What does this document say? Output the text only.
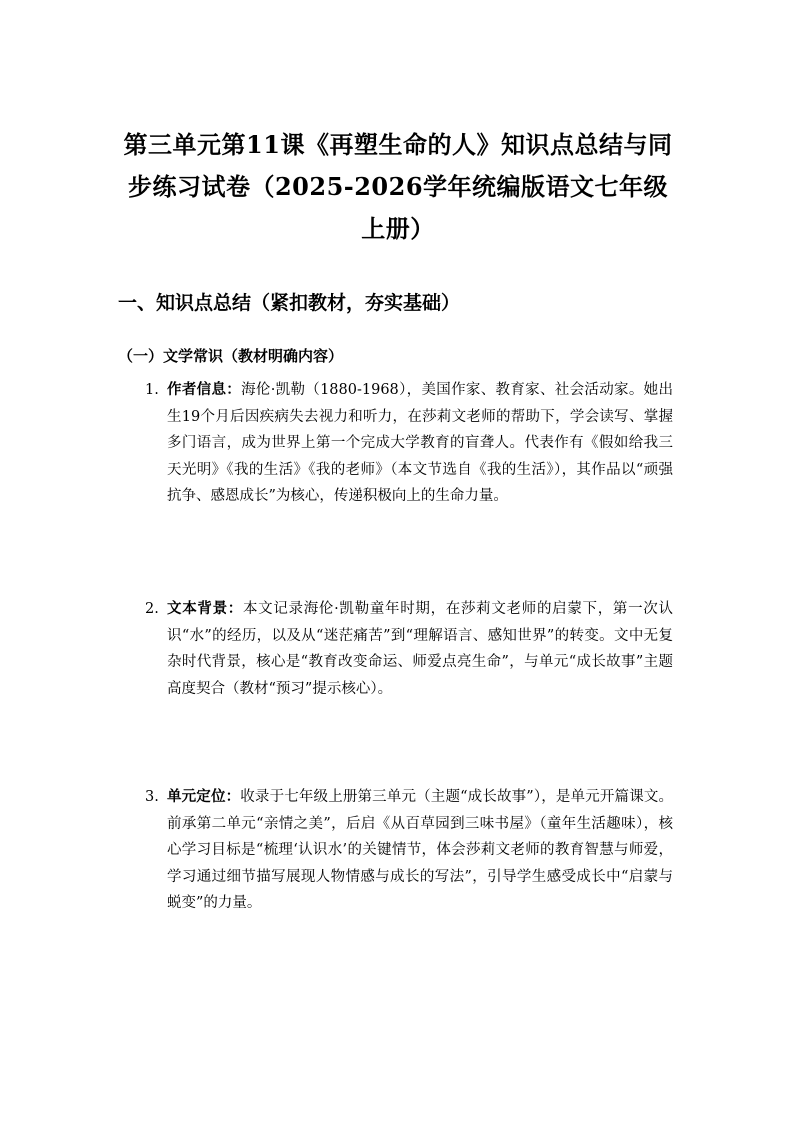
第三单元第11课《再塑生命的人》知识点总结与同步练习试卷（2025-2026学年统编版语文七年级上册）
一、知识点总结（紧扣教材，夯实基础）
（一）文学常识（教材明确内容）
1. 作者信息：海伦·凯勒（1880-1968），美国作家、教育家、社会活动家。她出生19个月后因疾病失去视力和听力，在莎莉文老师的帮助下，学会读写、掌握多门语言，成为世界上第一个完成大学教育的盲聋人。代表作有《假如给我三天光明》《我的生活》《我的老师》（本文节选自《我的生活》），其作品以“顽强抗争、感恩成长”为核心，传递积极向上的生命力量。
2. 文本背景：本文记录海伦·凯勒童年时期，在莎莉文老师的启蒙下，第一次认识“水”的经历，以及从“迷茫痛苦”到“理解语言、感知世界”的转变。文中无复杂时代背景，核心是“教育改变命运、师爱点亮生命”，与单元“成长故事”主题高度契合（教材“预习”提示核心）。
3. 单元定位：收录于七年级上册第三单元（主题“成长故事”），是单元开篇课文。前承第二单元“亲情之美”，后启《从百草园到三味书屋》（童年生活趣味），核心学习目标是“梳理‘认识水’的关键情节，体会莎莉文老师的教育智慧与师爱，学习通过细节描写展现人物情感与成长的写法”，引导学生感受成长中“启蒙与蜕变”的力量。
